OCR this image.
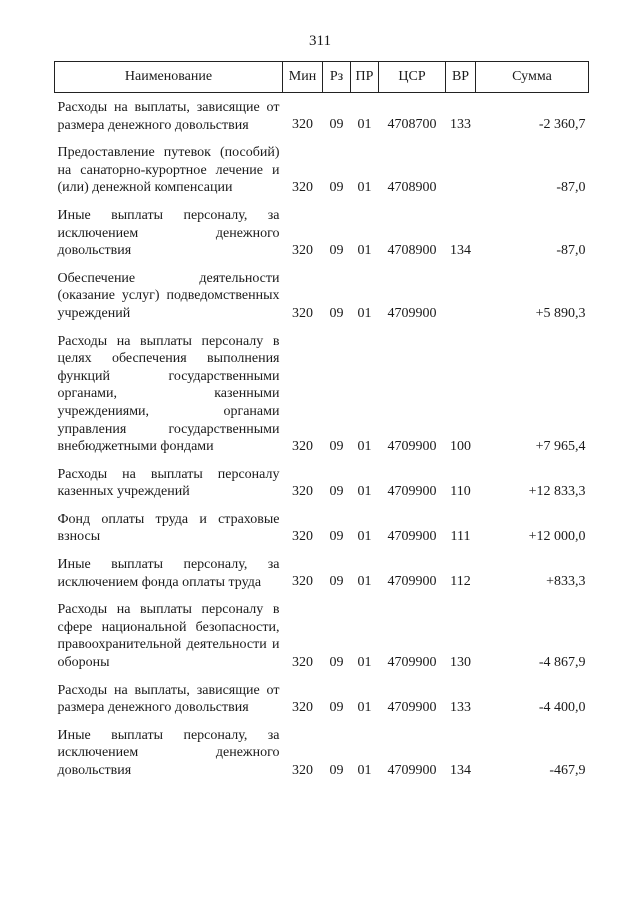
311
Наименование	Мин	Рз	ПР	ЦСР	ВР	Сумма
Расходы на выплаты, зависящие от размера денежного довольствия	320	09	01	4708700	133	-2 360,7
Предоставление путевок (пособий) на санаторно-курортное лечение и (или) денежной компенсации	320	09	01	4708900		-87,0
Иные выплаты персоналу, за исключением денежного довольствия	320	09	01	4708900	134	-87,0
Обеспечение деятельности (оказание услуг) подведомственных учреждений	320	09	01	4709900		+5 890,3
Расходы на выплаты персоналу в целях обеспечения выполнения функций государственными органами, казенными учреждениями, органами управления государственными внебюджетными фондами	320	09	01	4709900	100	+7 965,4
Расходы на выплаты персоналу казенных учреждений	320	09	01	4709900	110	+12 833,3
Фонд оплаты труда и страховые взносы	320	09	01	4709900	111	+12 000,0
Иные выплаты персоналу, за исключением фонда оплаты труда	320	09	01	4709900	112	+833,3
Расходы на выплаты персоналу в сфере национальной безопасности, правоохранительной деятельности и обороны	320	09	01	4709900	130	-4 867,9
Расходы на выплаты, зависящие от размера денежного довольствия	320	09	01	4709900	133	-4 400,0
Иные выплаты персоналу, за исключением денежного довольствия	320	09	01	4709900	134	-467,9
